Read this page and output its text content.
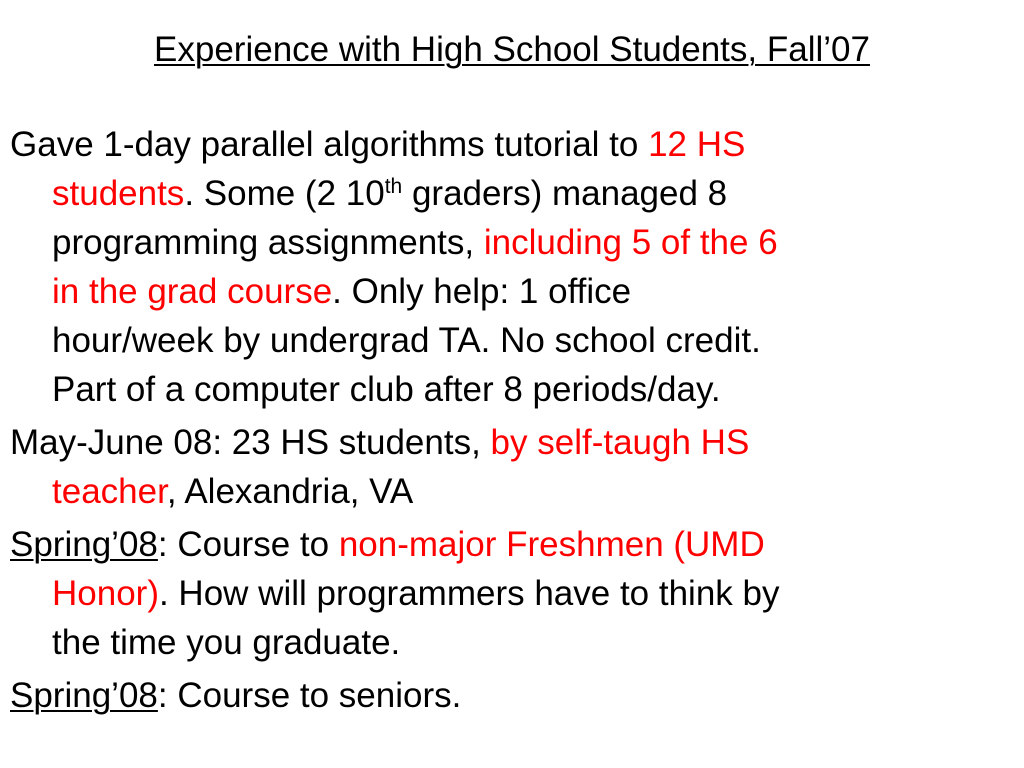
Experience with High School Students, Fall’07
Gave 1-day parallel algorithms tutorial to 12 HS
students. Some (2 10th graders) managed 8
programming assignments, including 5 of the 6
in the grad course. Only help: 1 office
hour/week by undergrad TA. No school credit.
Part of a computer club after 8 periods/day.
May-June 08: 23 HS students, by self-taugh HS
teacher, Alexandria, VA
Spring’08: Course to non-major Freshmen (UMD
Honor). How will programmers have to think by
the time you graduate.
Spring’08: Course to seniors.
